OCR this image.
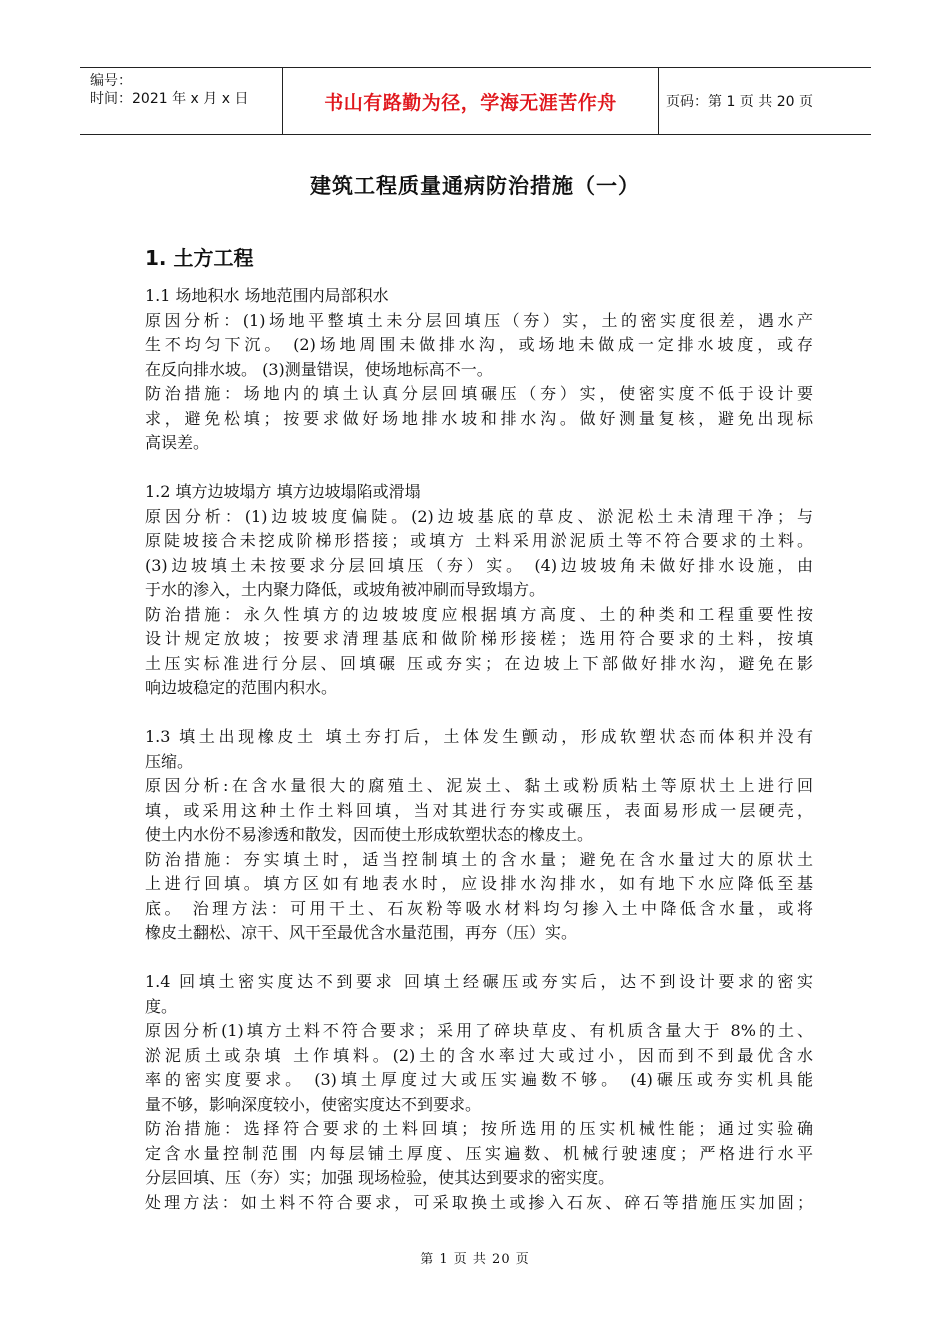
编号：
时间：2021 年 x 月 x 日	书山有路勤为径，学海无涯苦作舟	页码：第 1 页 共 20 页
建筑工程质量通病防治措施（一）
1. 土方工程
1.1 场地积水 场地范围内局部积水
原因分析：(1)场地平整填土未分层回填压（夯）实，土的密实度很差，遇水产
生不均匀下沉。 (2)场地周围未做排水沟，或场地未做成一定排水坡度，或存
在反向排水坡。 (3)测量错误，使场地标高不一。
防治措施：场地内的填土认真分层回填碾压（夯）实，使密实度不低于设计要
求，避免松填；按要求做好场地排水坡和排水沟。做好测量复核，避免出现标
高误差。
1.2 填方边坡塌方 填方边坡塌陷或滑塌
原因分析：(1)边坡坡度偏陡。(2)边坡基底的草皮、淤泥松土未清理干净；与
原陡坡接合未挖成阶梯形搭接；或填方 土料采用淤泥质土等不符合要求的土料。
(3)边坡填土未按要求分层回填压（夯）实。 (4)边坡坡角未做好排水设施，由
于水的渗入，土内聚力降低，或坡角被冲刷而导致塌方。
防治措施：永久性填方的边坡坡度应根据填方高度、土的种类和工程重要性按
设计规定放坡；按要求清理基底和做阶梯形接槎；选用符合要求的土料，按填
土压实标准进行分层、回填碾 压或夯实；在边坡上下部做好排水沟，避免在影
响边坡稳定的范围内积水。
1.3 填土出现橡皮土 填土夯打后，土体发生颤动，形成软塑状态而体积并没有
压缩。
原因分析:在含水量很大的腐殖土、泥炭土、黏土或粉质粘土等原状土上进行回
填，或采用这种土作土料回填，当对其进行夯实或碾压，表面易形成一层硬壳，
使土内水份不易渗透和散发，因而使土形成软塑状态的橡皮土。
防治措施：夯实填土时，适当控制填土的含水量；避免在含水量过大的原状土
上进行回填。填方区如有地表水时，应设排水沟排水，如有地下水应降低至基
底。 治理方法：可用干土、石灰粉等吸水材料均匀掺入土中降低含水量，或将
橡皮土翻松、凉干、风干至最优含水量范围，再夯（压）实。
1.4 回填土密实度达不到要求 回填土经碾压或夯实后，达不到设计要求的密实
度。
原因分析(1)填方土料不符合要求；采用了碎块草皮、有机质含量大于 8%的土、
淤泥质土或杂填 土作填料。(2)土的含水率过大或过小，因而到不到最优含水
率的密实度要求。 (3)填土厚度过大或压实遍数不够。 (4)碾压或夯实机具能
量不够，影响深度较小，使密实度达不到要求。
防治措施：选择符合要求的土料回填；按所选用的压实机械性能；通过实验确
定含水量控制范围 内每层铺土厚度、压实遍数、机械行驶速度；严格进行水平
分层回填、压（夯）实；加强 现场检验，使其达到要求的密实度。
处理方法：如土料不符合要求，可采取换土或掺入石灰、碎石等措施压实加固；
第 1 页 共 20 页
